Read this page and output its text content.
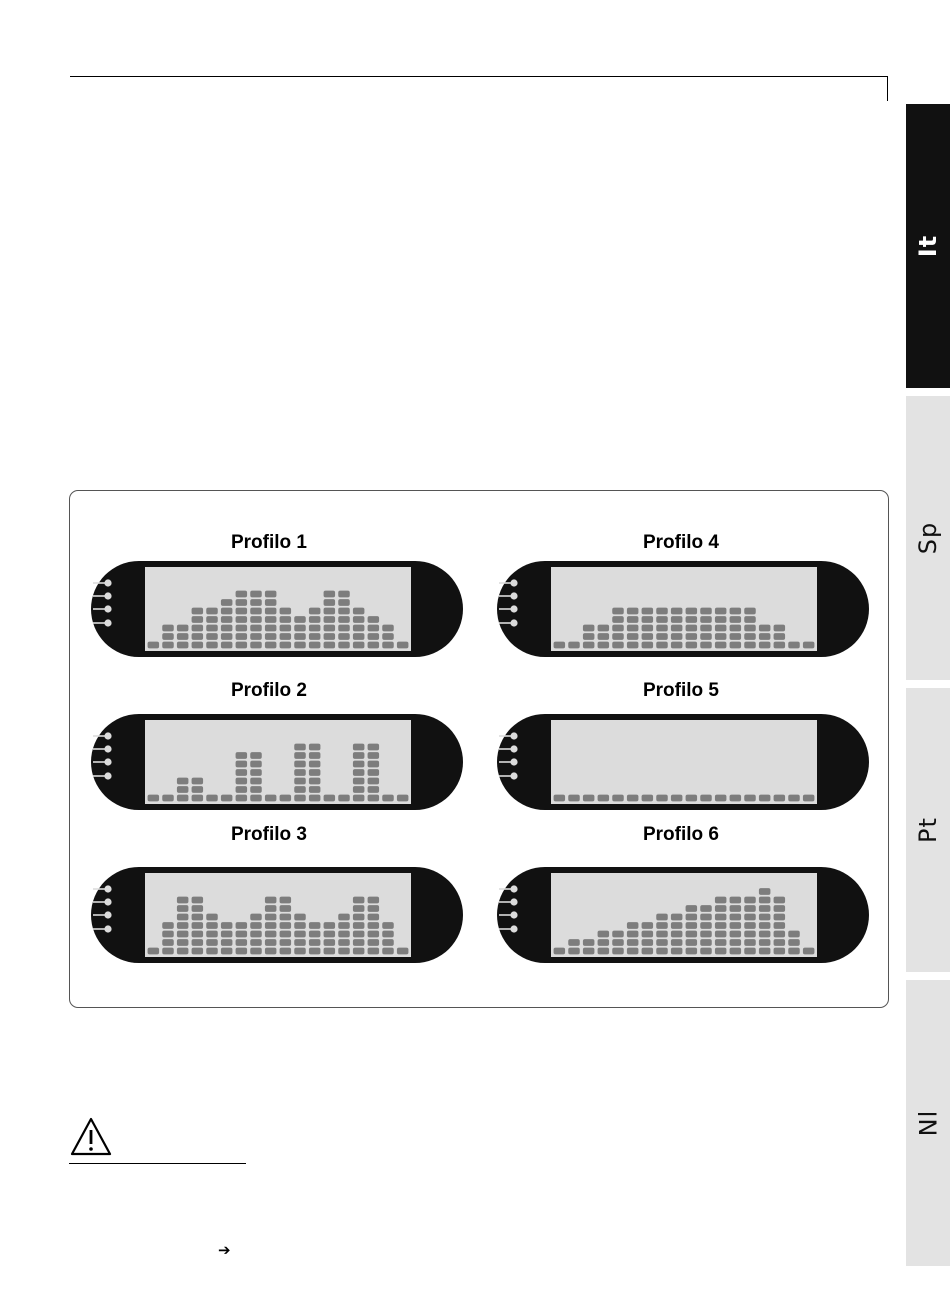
It
Sp
Pt
Nl
Profilo 1
Profilo 2
Profilo 3
Profilo 4
Profilo 5
Profilo 6
➔
